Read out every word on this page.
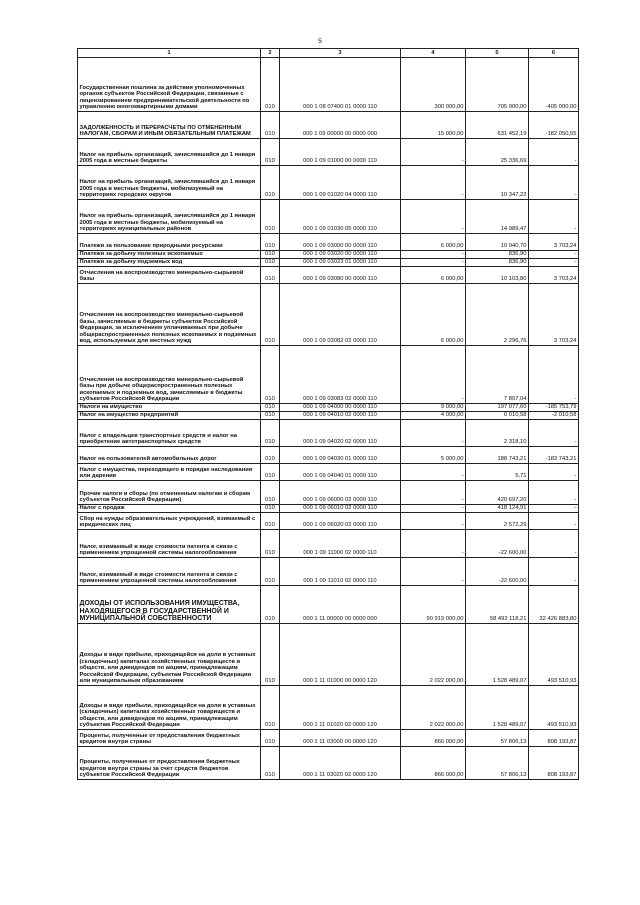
5
1	2	3	4	5	6
Государственная пошлина за действия уполномоченных органов субъектов Российской Федерации, связанные с лицензированием предпринимательской деятельности по управлению многоквартирными домами	010	000 1 08 07400 01 0000 110	300 000,00	705 000,00	-405 000,00
ЗАДОЛЖЕННОСТЬ И ПЕРЕРАСЧЕТЫ ПО ОТМЕНЕННЫМ НАЛОГАМ, СБОРАМ И ИНЫМ ОБЯЗАТЕЛЬНЫМ ПЛАТЕЖАМ	010	000 1 09 00000 00 0000 000	15 000,00	631 452,19	-182 050,55
Налог на прибыль организаций, зачислявшийся до 1 января 2005 года в местные бюджеты	010	000 1 09 01000 00 0000 110	-	25 336,69	-
Налог на прибыль организаций, зачислявшийся до 1 января 2005 года в местные бюджеты, мобилизуемый на территориях городских округов	010	000 1 09 01020 04 0000 110	-	10 347,22	-
Налог на прибыль организаций, зачислявшийся до 1 января 2005 года в местные бюджеты, мобилизуемый на территориях муниципальных районов	010	000 1 09 01030 05 0000 110	-	14 989,47	-
Платежи за пользование природными ресурсами	010	000 1 09 03000 00 0000 110	6 000,00	10 940,70	3 703,24
Платежи за добычу полезных ископаемых	010	000 1 09 03020 00 0000 110	-	836,90	-
Платежи за добычу подземных вод	010	000 1 09 03023 01 0000 110	-	836,90	-
Отчисления на воспроизводство минерально-сырьевой базы	010	000 1 09 03080 00 0000 110	6 000,00	10 103,80	3 703,24
Отчисления на воспроизводство минерально-сырьевой базы, зачисляемые в бюджеты субъектов Российской Федерации, за исключением уплачиваемых при добыче общераспространенных полезных ископаемых и подземных вод, используемых для местных нужд	010	000 1 09 03082 02 0000 110	6 000,00	2 296,76	3 703,24
Отчисления на воспроизводство минерально-сырьевой базы при добыче общераспространенных полезных ископаемых и подземных вод, зачисляемые в бюджеты субъектов Российской Федерации	010	000 1 09 03083 02 0000 110	-	7 807,04	-
Налоги на имущество	010	000 1 09 04000 00 0000 110	9 000,00	197 077,60	-185 753,79
Налог на имущество предприятий	010	000 1 09 04010 02 0000 110	4 000,00	6 010,58	-2 010,58
Налог с владельцев транспортных средств и налог на приобретение автотранспортных средств	010	000 1 09 04020 02 0000 110	-	2 318,10	-
Налог на пользователей автомобильных дорог	010	000 1 09 04030 01 0000 110	5 000,00	188 743,21	-183 743,21
Налог с имущества, переходящего в порядке наследования или дарения	010	000 1 09 04040 01 0000 110	-	5,71	-
Прочие налоги и сборы (по отмененным налогам и сборам субъектов Российской Федерации)	010	000 1 09 06000 02 0000 110	-	420 697,20	-
Налог с продаж	010	000 1 09 06010 02 0000 110	-	418 124,91	-
Сбор на нужды образовательных учреждений, взимаемый с юридических лиц	010	000 1 09 06020 02 0000 110	-	2 572,29	-
Налог, взимаемый в виде стоимости патента в связи с применением упрощенной системы налогообложения	010	000 1 09 11000 02 0000 110	-	-22 600,00	-
Налог, взимаемый в виде стоимости патента в связи с применением упрощенной системы налогообложения	010	000 1 09 11010 02 0000 110	-	-22 600,00	-
ДОХОДЫ ОТ ИСПОЛЬЗОВАНИЯ ИМУЩЕСТВА, НАХОДЯЩЕГОСЯ В ГОСУДАРСТВЕННОЙ И МУНИЦИПАЛЬНОЙ СОБСТВЕННОСТИ	010	000 1 11 00000 00 0000 000	90 919 000,00	58 492 118,21	32 426 883,80
Доходы в виде прибыли, приходящейся на доли в уставных (складочных) капиталах хозяйственных товариществ и обществ, или дивидендов по акциям, принадлежащим Российской Федерации, субъектам Российской Федерации или муниципальным образованиям	010	000 1 11 01000 00 0000 120	2 022 000,00	1 528 489,07	493 510,93
Доходы в виде прибыли, приходящейся на доли в уставных (складочных) капиталах хозяйственных товариществ и обществ, или дивидендов по акциям, принадлежащим субъектам Российской Федерации	010	000 1 11 01020 02 0000 120	2 022 000,00	1 528 489,07	493 510,93
Проценты, полученные от предоставления бюджетных кредитов внутри страны	010	000 1 11 03000 00 0000 120	866 000,00	57 806,13	808 193,87
Проценты, полученные от предоставления бюджетных кредитов внутри страны за счет средств бюджетов субъектов Российской Федерации	010	000 1 11 03020 02 0000 120	866 000,00	57 806,13	808 193,87
